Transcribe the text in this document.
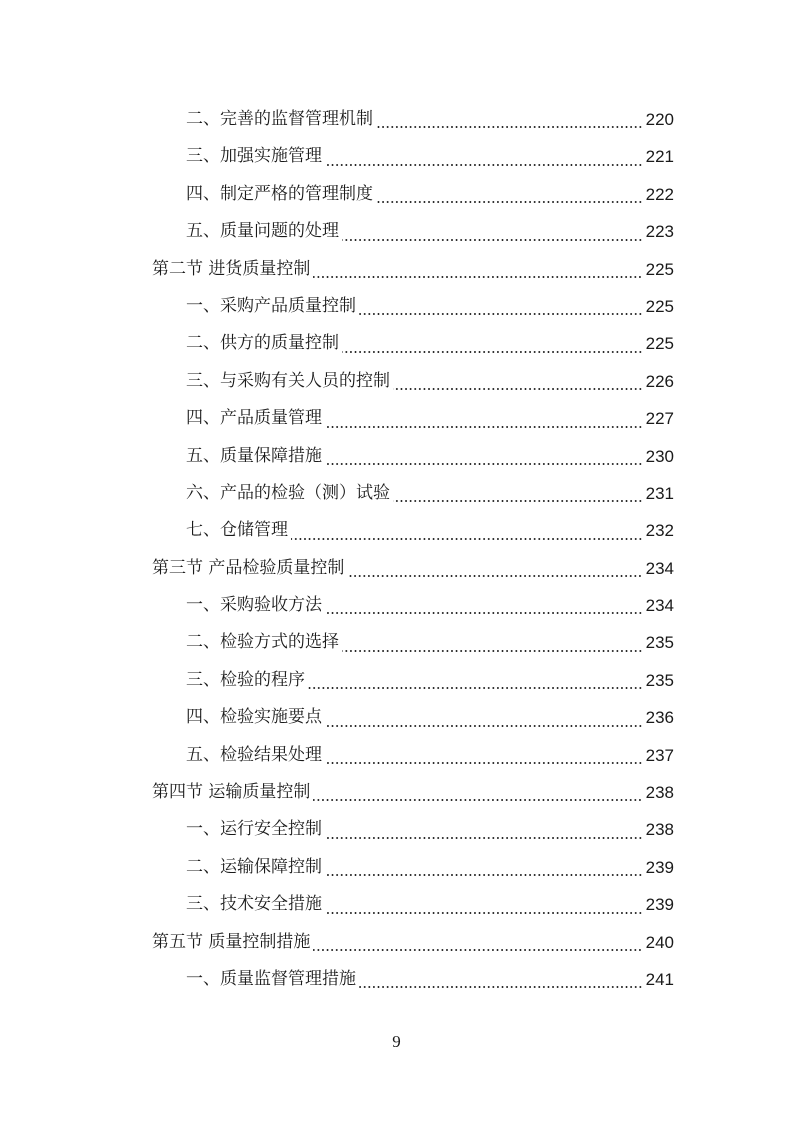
二、完善的监督管理机制	220
三、加强实施管理	221
四、制定严格的管理制度	222
五、质量问题的处理	223
第二节 进货质量控制	225
一、采购产品质量控制	225
二、供方的质量控制	225
三、与采购有关人员的控制	226
四、产品质量管理	227
五、质量保障措施	230
六、产品的检验（测）试验	231
七、仓储管理	232
第三节 产品检验质量控制	234
一、采购验收方法	234
二、检验方式的选择	235
三、检验的程序	235
四、检验实施要点	236
五、检验结果处理	237
第四节 运输质量控制	238
一、运行安全控制	238
二、运输保障控制	239
三、技术安全措施	239
第五节 质量控制措施	240
一、质量监督管理措施	241
9
